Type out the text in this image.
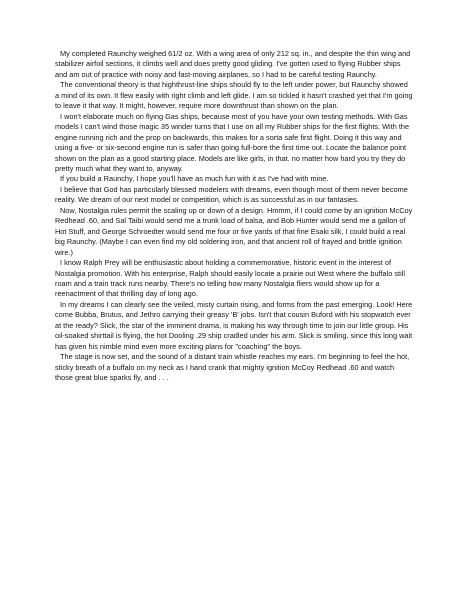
My completed Raunchy weighed 61/2 oz. With a wing area of only 212 sq. in., and despite the thin wing and stabilizer airfoil sections, it climbs well and does pretty good gliding. I've gotten used to flying Rubber ships and am out of practice with noisy and fast-moving airplanes, so I had to be careful testing Raunchy.

The conventional theory is that highthrust-line ships should fly to the left under power, but Raunchy showed a mind of its own. It flew easily with right climb and left glide. I am so tickled it hasn't crashed yet that I'm going to leave it that way. It might, however, require more downthrust than shown on the plan.

I won't elaborate much on flying Gas ships, because most of you have your own testing methods. With Gas models I can't wind those magic 35 winder turns that I use on all my Rubber ships for the first flights. With the engine running rich and the prop on backwards, this makes for a sorta safe first flight. Doing it this way and using a five- or six-second engine run is safer than going full-bore the first time out. Locate the balance point shown on the plan as a good starting place. Models are like girls, in that. no matter how hard you try they do pretty much what they want to, anyway.

If you build a Raunchy, I hope you'll have as much fun with it as I've had with mine.

I believe that God has particularly blessed modelers with dreams, even though most of them never become reality. We dream of our next model or competition, which is as successful as in our fantasies.

Now, Nostalgia rules permit the scaling up or down of a design. Hmmm, if I could come by an ignition McCoy Redhead .60, and Sal Taibi would send me a trunk load of balsa, and Bob Hunter would send me a gallon of Hot Stuff, and George Schroedter would send me four or five yards of that fine Esaki silk, I could build a real big Raunchy. (Maybe I can even find my old soldering iron, and that ancient roll of frayed and brittle ignition wire.)

I know Ralph Prey will be enthusiastic about holding a commemorative, historic event in the interest of Nostalgia promotion. With his enterprise, Ralph should easily locate a prairie out West where the buffalo still roam and a train track runs nearby. There's no telling how many Nostalgia fliers would show up for a reenactment of that thrilling day of long ago.

In my dreams I can clearly see the veiled, misty curtain rising, and forms from the past emerging. Look! Here come Bubba, Brutus, and Jethro carrying their greasy 'B' jobs. Isn't that cousin Buford with his stopwatch ever at the ready? Slick, the star of the imminent drama, is making his way through time to join our little group. His oil-soaked shirttail is flying, the hot Dooling .29 ship cradled under his arm. Slick is smiling, since this long wait has given his nimble mind even more exciting plans for "coaching" the boys.

The stage is now set, and the sound of a distant train whistle reaches my ears. I'm beginning to feel the hot, sticky breath of a buffalo on my neck as I hand crank that mighty ignition McCoy Redhead .60 and watch those great blue sparks fly, and . . .
